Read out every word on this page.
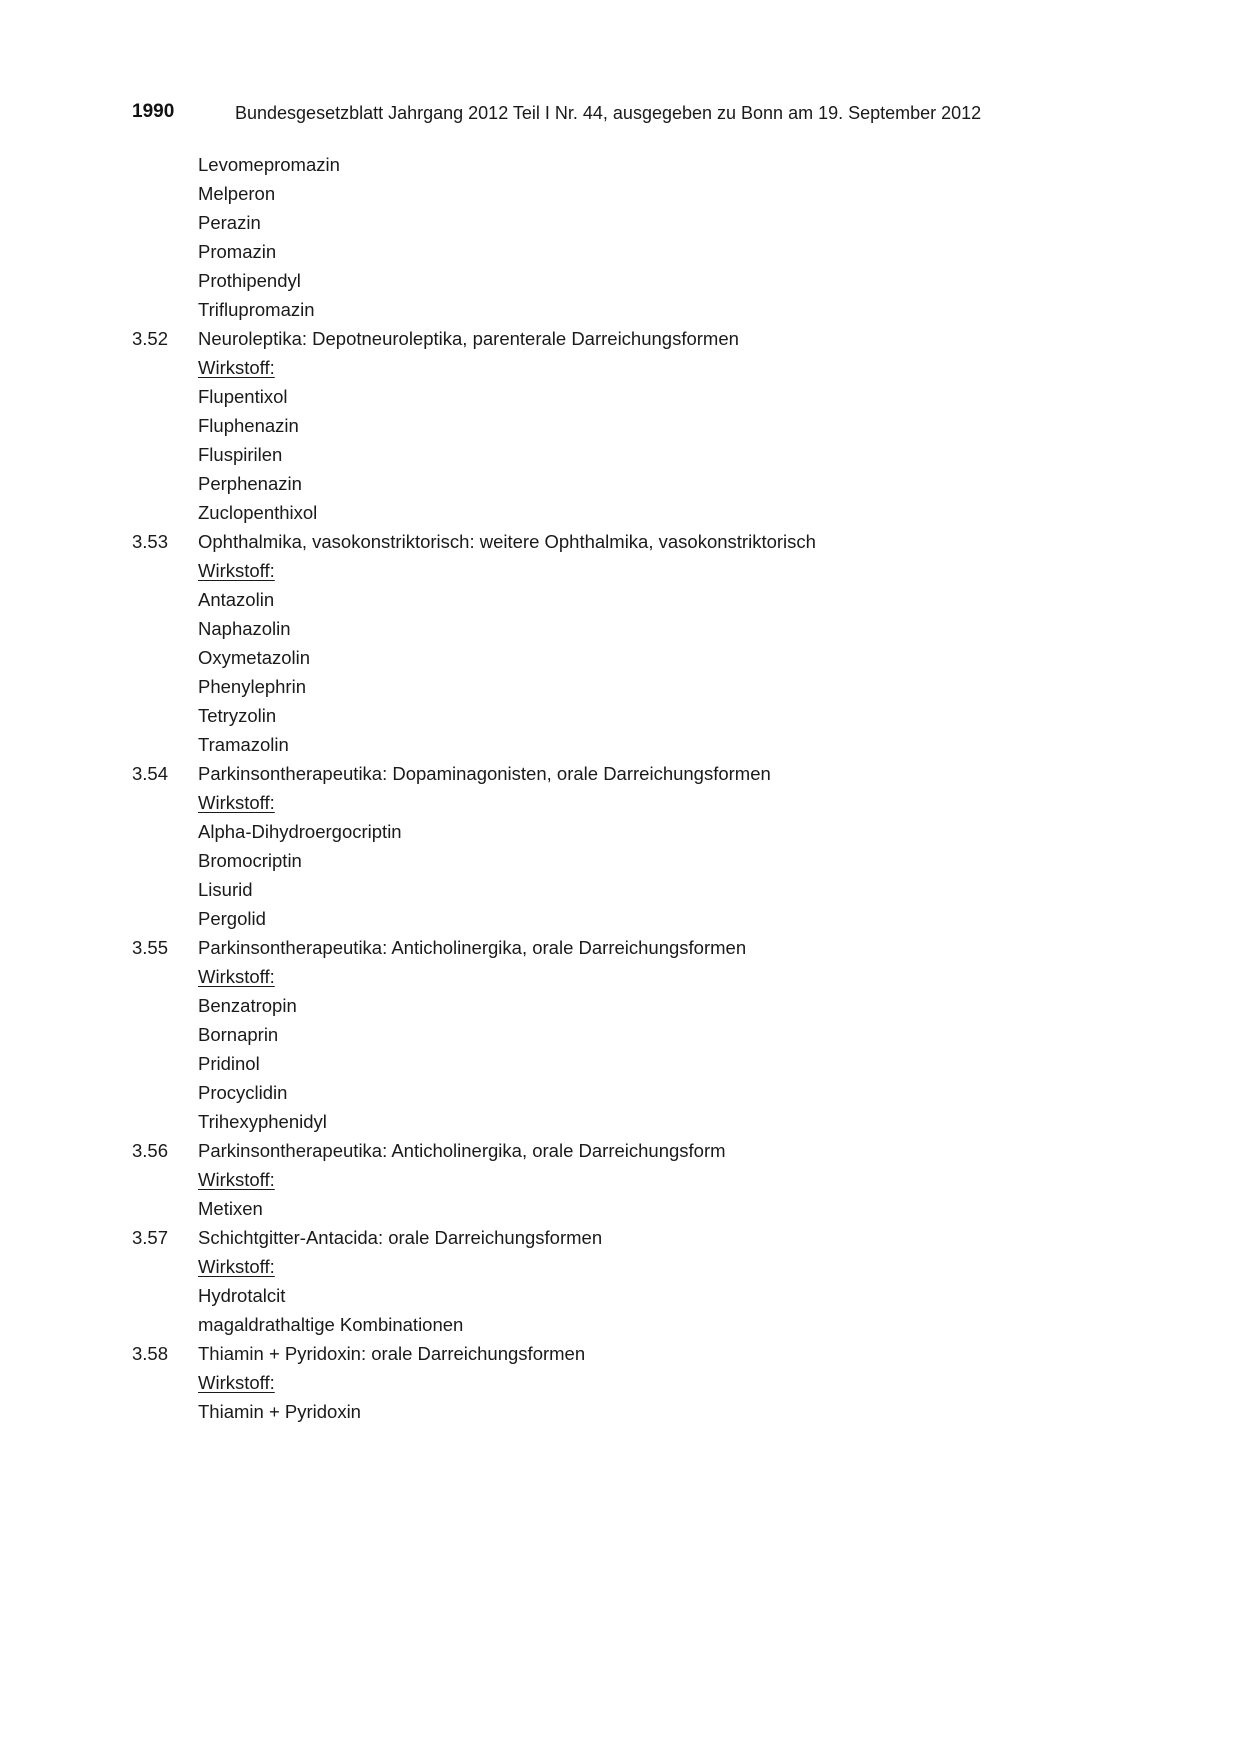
1990	Bundesgesetzblatt Jahrgang 2012 Teil I Nr. 44, ausgegeben zu Bonn am 19. September 2012
Levomepromazin
Melperon
Perazin
Promazin
Prothipendyl
Triflupromazin
3.52 Neuroleptika: Depotneuroleptika, parenterale Darreichungsformen
Wirkstoff:
Flupentixol
Fluphenazin
Fluspirilen
Perphenazin
Zuclopenthixol
3.53 Ophthalmika, vasokonstriktorisch: weitere Ophthalmika, vasokonstriktorisch
Wirkstoff:
Antazolin
Naphazolin
Oxymetazolin
Phenylephrin
Tetryzolin
Tramazolin
3.54 Parkinsontherapeutika: Dopaminagonisten, orale Darreichungsformen
Wirkstoff:
Alpha-Dihydroergocriptin
Bromocriptin
Lisurid
Pergolid
3.55 Parkinsontherapeutika: Anticholinergika, orale Darreichungsformen
Wirkstoff:
Benzatropin
Bornaprin
Pridinol
Procyclidin
Trihexyphenidyl
3.56 Parkinsontherapeutika: Anticholinergika, orale Darreichungsform
Wirkstoff:
Metixen
3.57 Schichtgitter-Antacida: orale Darreichungsformen
Wirkstoff:
Hydrotalcit
magaldrathaltige Kombinationen
3.58 Thiamin + Pyridoxin: orale Darreichungsformen
Wirkstoff:
Thiamin + Pyridoxin
